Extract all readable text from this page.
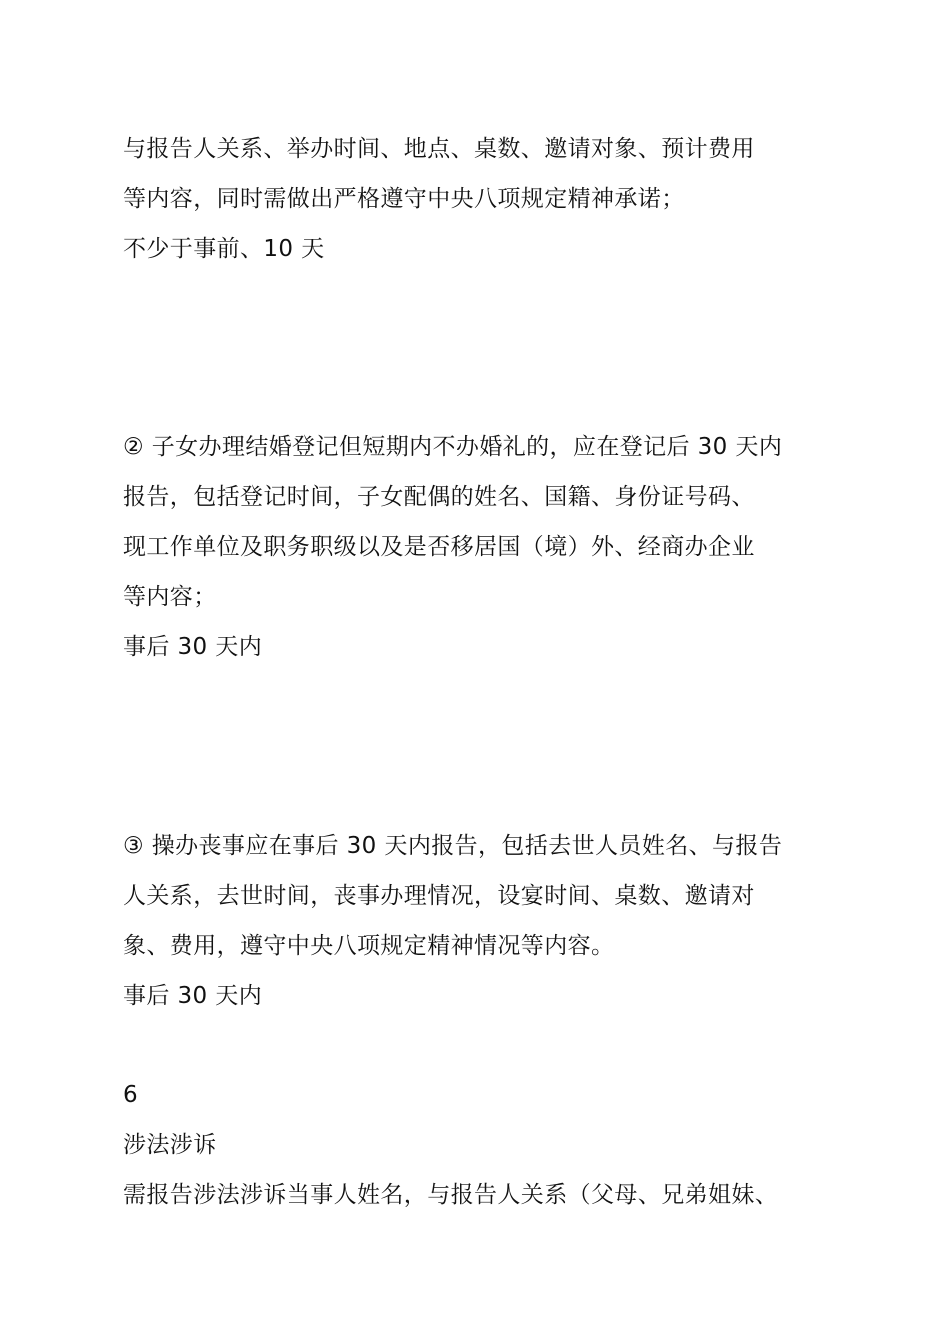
与报告人关系、举办时间、地点、桌数、邀请对象、预计费用
等内容，同时需做出严格遵守中央八项规定精神承诺；
不少于事前、10 天
② 子女办理结婚登记但短期内不办婚礼的，应在登记后 30 天内
报告，包括登记时间，子女配偶的姓名、国籍、身份证号码、
现工作单位及职务职级以及是否移居国（境）外、经商办企业
等内容；
事后 30 天内
③ 操办丧事应在事后 30 天内报告，包括去世人员姓名、与报告
人关系，去世时间，丧事办理情况，设宴时间、桌数、邀请对
象、费用，遵守中央八项规定精神情况等内容。
事后 30 天内
6
涉法涉诉
需报告涉法涉诉当事人姓名，与报告人关系（父母、兄弟姐妹、
